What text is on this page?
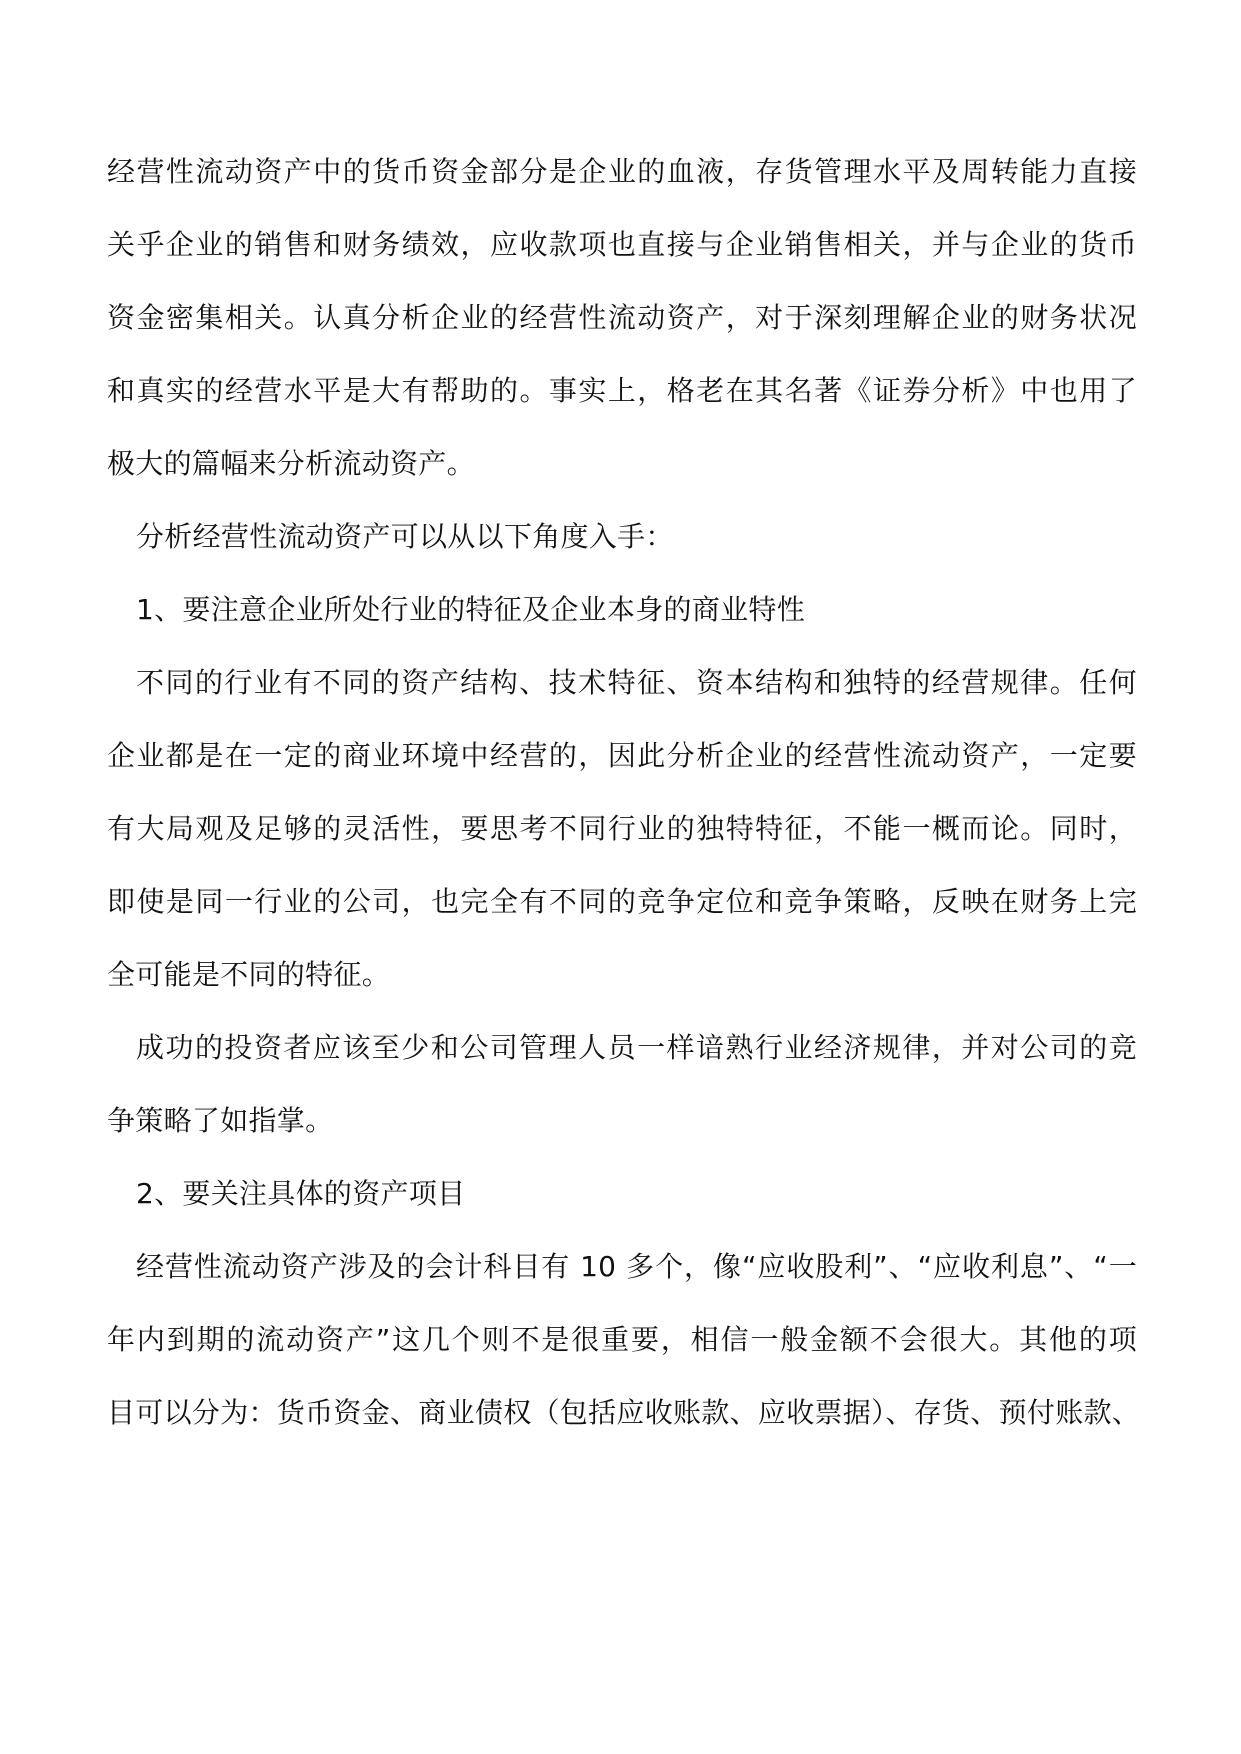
经营性流动资产中的货币资金部分是企业的血液，存货管理水平及周转能力直接
关乎企业的销售和财务绩效，应收款项也直接与企业销售相关，并与企业的货币
资金密集相关。认真分析企业的经营性流动资产，对于深刻理解企业的财务状况
和真实的经营水平是大有帮助的。事实上，格老在其名著《证券分析》中也用了
极大的篇幅来分析流动资产。
分析经营性流动资产可以从以下角度入手：
1、要注意企业所处行业的特征及企业本身的商业特性
不同的行业有不同的资产结构、技术特征、资本结构和独特的经营规律。任何
企业都是在一定的商业环境中经营的，因此分析企业的经营性流动资产，一定要
有大局观及足够的灵活性，要思考不同行业的独特特征，不能一概而论。同时，
即使是同一行业的公司，也完全有不同的竞争定位和竞争策略，反映在财务上完
全可能是不同的特征。
成功的投资者应该至少和公司管理人员一样谙熟行业经济规律，并对公司的竞
争策略了如指掌。
2、要关注具体的资产项目
经营性流动资产涉及的会计科目有 10 多个，像“应收股利”、“应收利息”、“一
年内到期的流动资产”这几个则不是很重要，相信一般金额不会很大。其他的项
目可以分为：货币资金、商业债权（包括应收账款、应收票据）、存货、预付账款、
